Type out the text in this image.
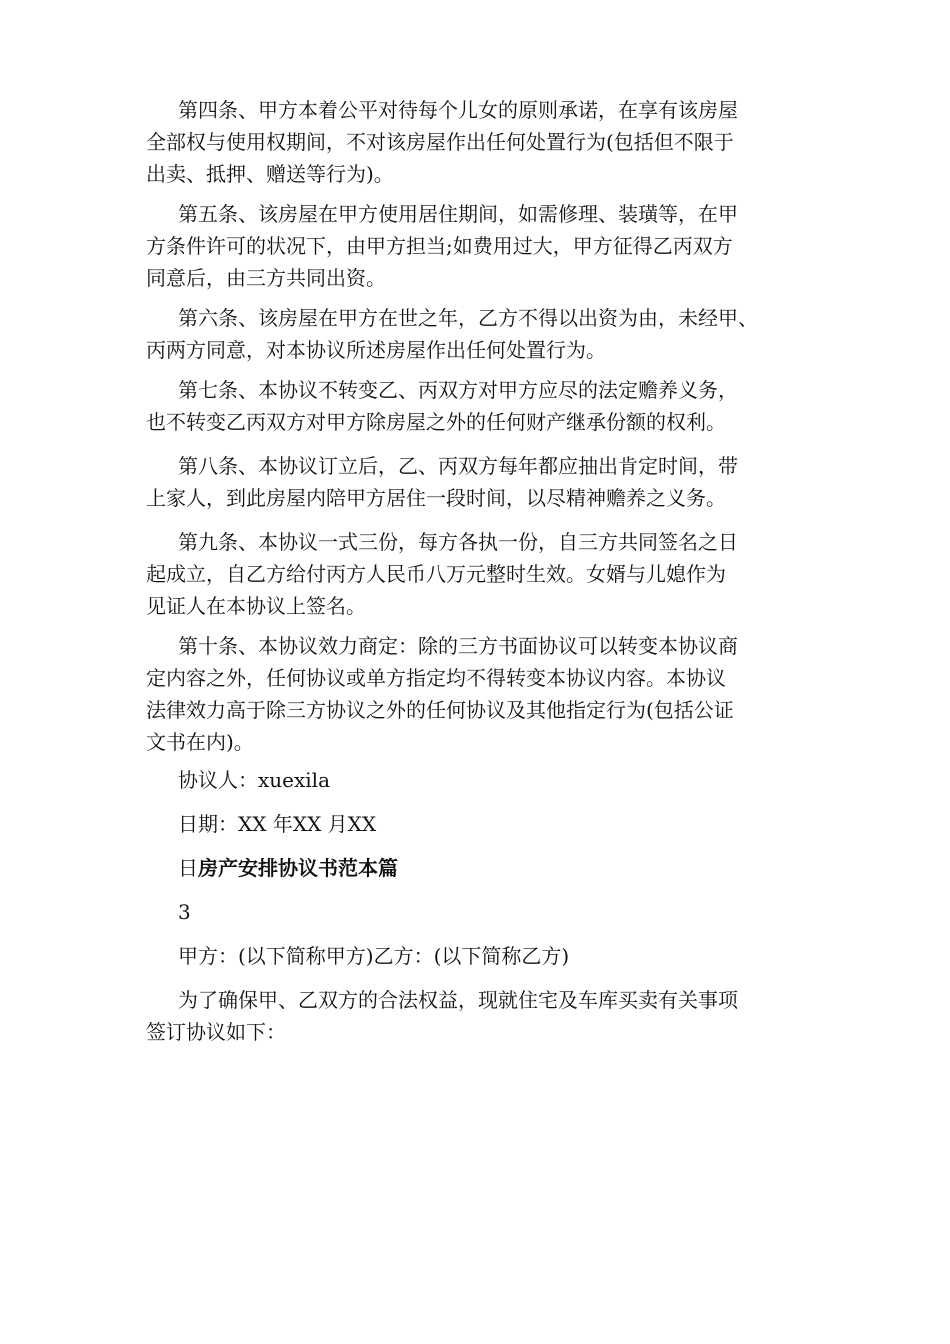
第四条、甲方本着公平对待每个儿女的原则承诺，在享有该房屋
全部权与使用权期间，不对该房屋作出任何处置行为(包括但不限于
出卖、抵押、赠送等行为)。
第五条、该房屋在甲方使用居住期间，如需修理、装璜等，在甲
方条件许可的状况下，由甲方担当;如费用过大，甲方征得乙丙双方
同意后，由三方共同出资。
第六条、该房屋在甲方在世之年，乙方不得以出资为由，未经甲、
丙两方同意，对本协议所述房屋作出任何处置行为。
第七条、本协议不转变乙、丙双方对甲方应尽的法定赡养义务，
也不转变乙丙双方对甲方除房屋之外的任何财产继承份额的权利。
第八条、本协议订立后，乙、丙双方每年都应抽出肯定时间，带
上家人，到此房屋内陪甲方居住一段时间，以尽精神赡养之义务。
第九条、本协议一式三份，每方各执一份，自三方共同签名之日
起成立，自乙方给付丙方人民币八万元整时生效。女婿与儿媳作为
见证人在本协议上签名。
第十条、本协议效力商定：除的三方书面协议可以转变本协议商
定内容之外，任何协议或单方指定均不得转变本协议内容。本协议
法律效力高于除三方协议之外的任何协议及其他指定行为(包括公证
文书在内)。
协议人：xuexila
日期：XX 年XX 月XX
日房产安排协议书范本篇
3
甲方：(以下简称甲方)乙方：(以下简称乙方)
为了确保甲、乙双方的合法权益，现就住宅及车库买卖有关事项
签订协议如下：
